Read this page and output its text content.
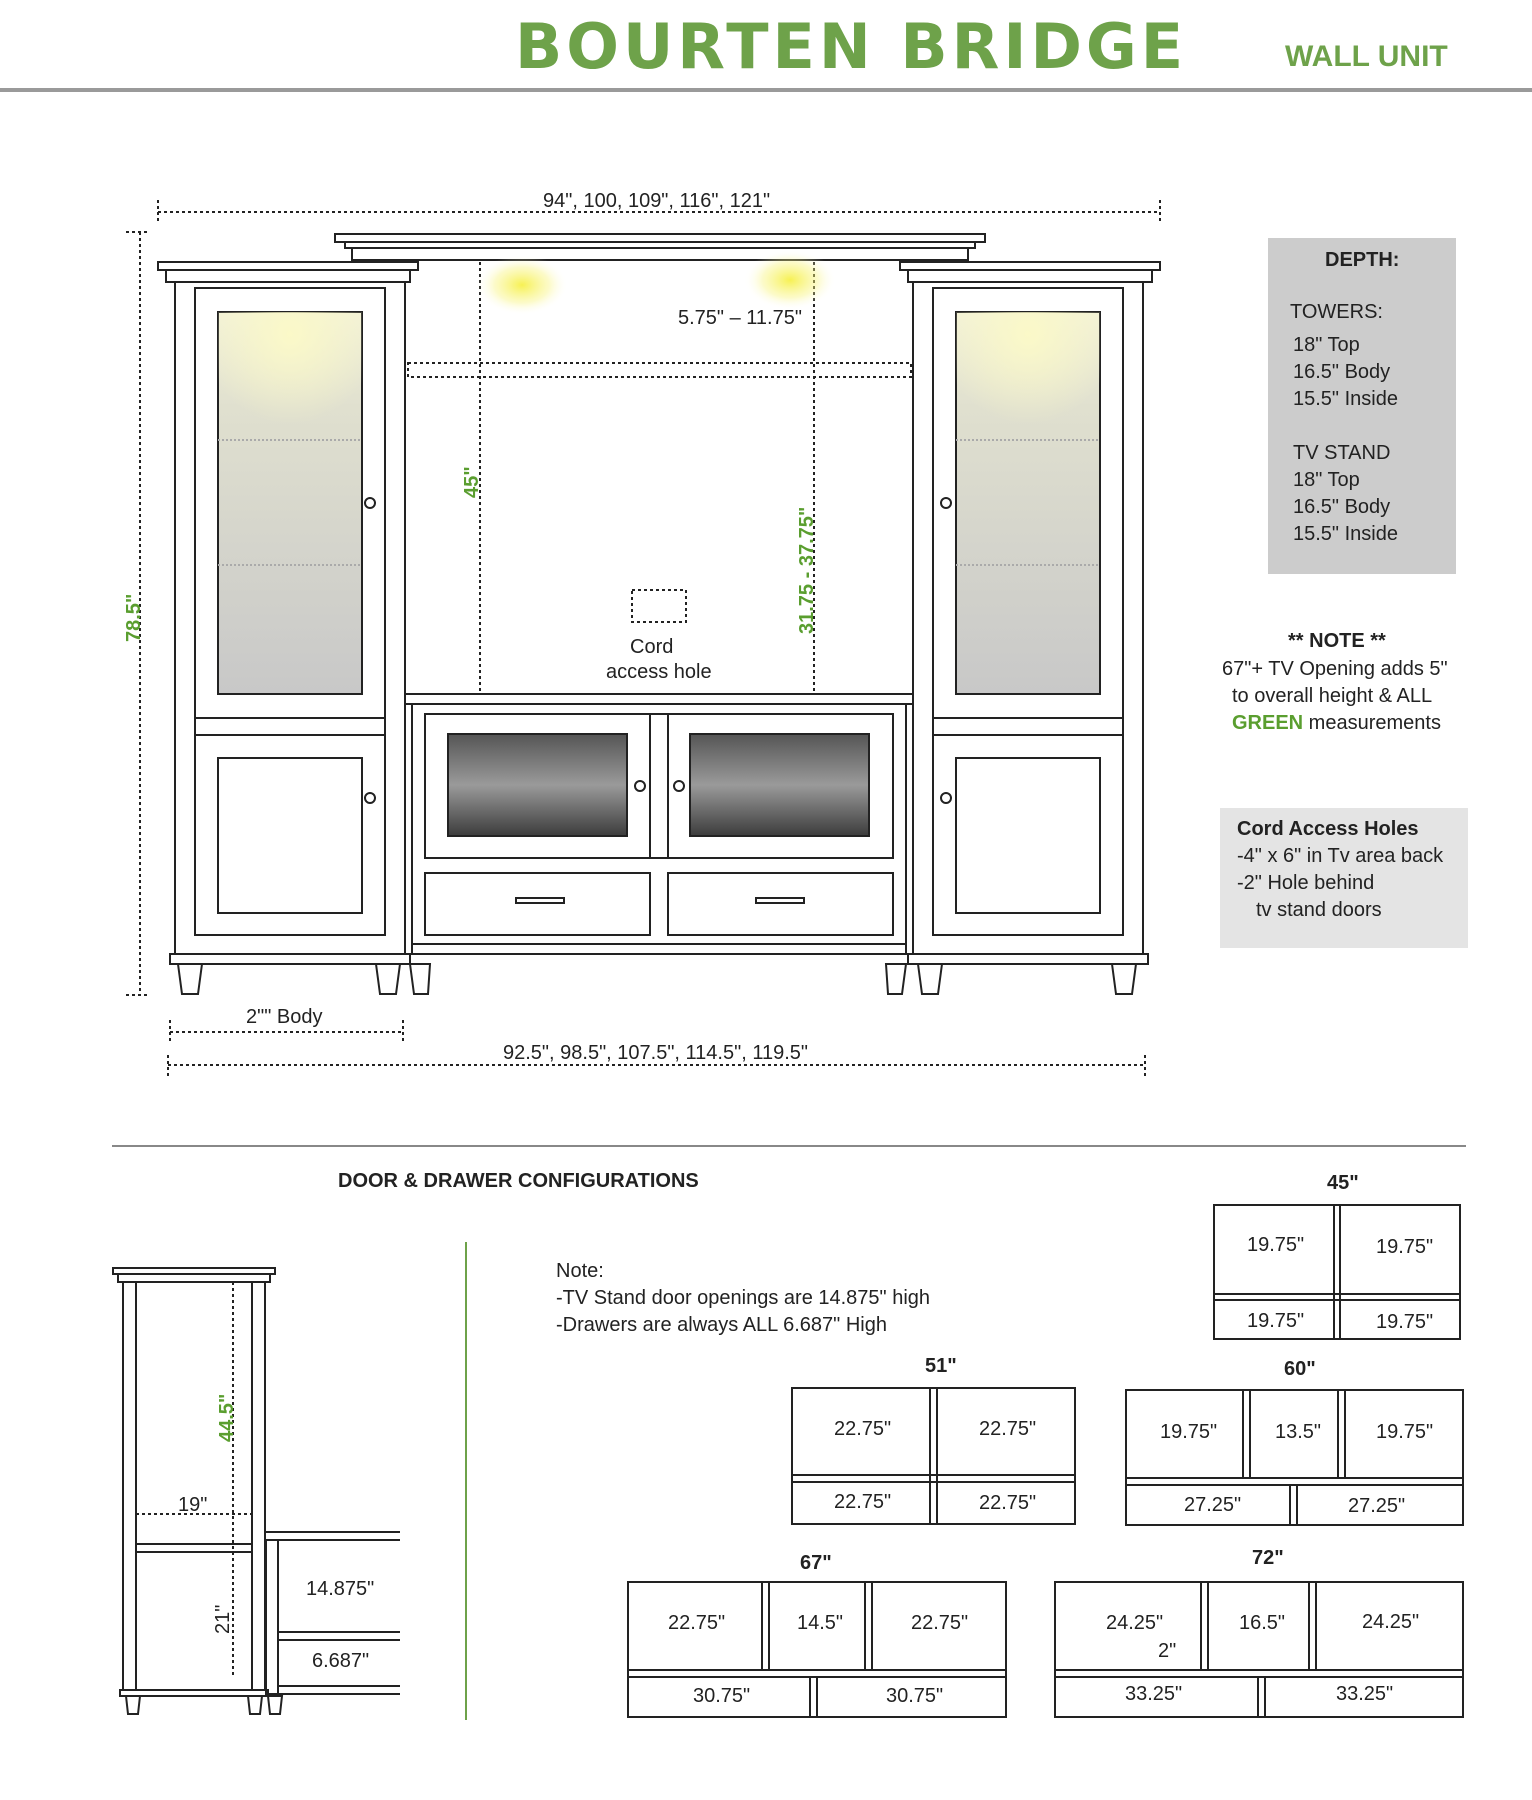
BOURTEN BRIDGE	WALL UNIT
94", 100, 109", 116", 121"
92.5", 98.5", 107.5", 114.5", 119.5"
2"" Body
5.75" – 11.75"
Cord
access hole
78.5"
45"
31.75 - 37.75"
DEPTH:
TOWERS:
18" Top
16.5" Body
15.5" Inside
TV STAND
18" Top
16.5" Body
15.5" Inside
** NOTE **
67"+ TV Opening adds 5"
to overall height & ALL
GREEN measurements
Cord Access Holes
-4" x 6" in Tv area back
-2" Hole behind
tv stand doors
DOOR & DRAWER CONFIGURATIONS
Note:
-TV Stand door openings are 14.875" high
-Drawers are always ALL 6.687" High
44.5"
19"
21"
14.875"
6.687"
45"
19.75"	19.75"
19.75"	19.75"
51"
22.75"	22.75"
22.75"	22.75"
60"
19.75"	13.5"	19.75"
27.25"	27.25"
67"
22.75"	14.5"	22.75"
30.75"	30.75"
72"
24.25"	16.5"	24.25"
2"
33.25"	33.25"
